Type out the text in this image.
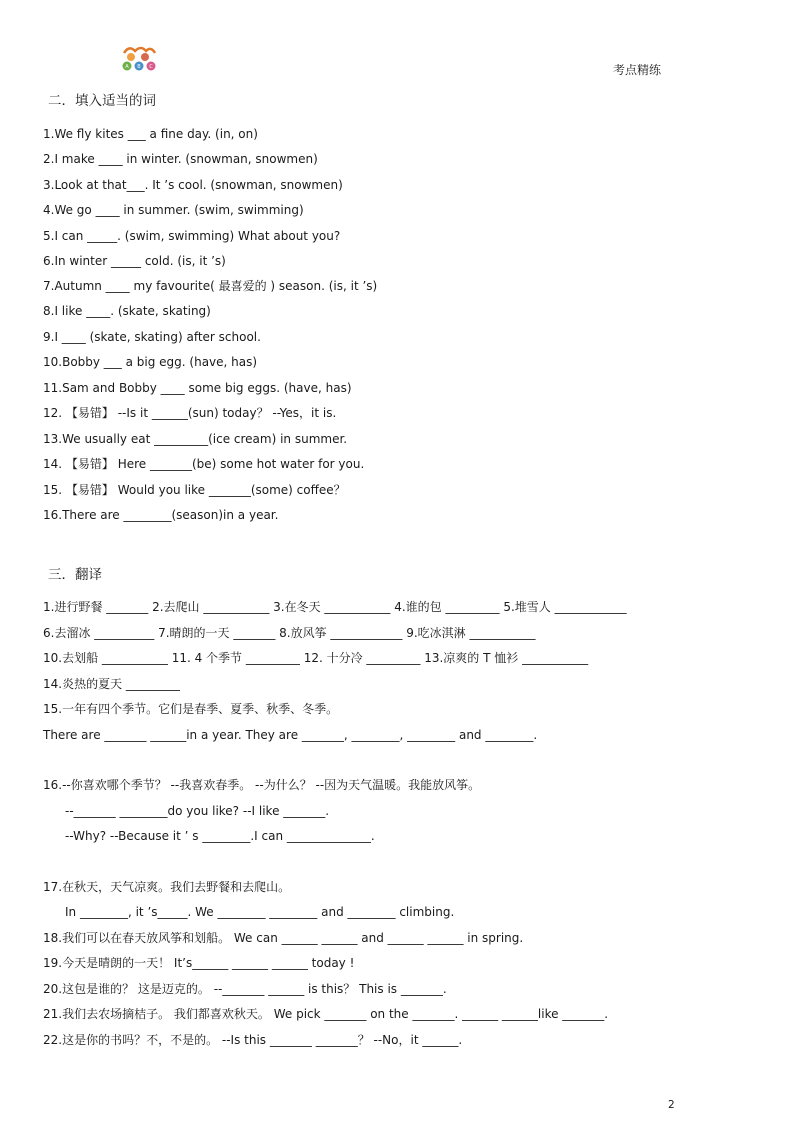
A B C	考点精练
二．填入适当的词
1.We fly kites ___ a fine day. (in, on)
2.I make ____ in winter. (snowman, snowmen)
3.Look at that___. It ’s cool. (snowman, snowmen)
4.We go ____ in summer. (swim, swimming)
5.I can _____. (swim, swimming) What about you?
6.In winter _____ cold. (is, it ’s)
7.Autumn ____ my favourite( 最喜爱的 ) season. (is, it ’s)
8.I like ____. (skate, skating)
9.I ____ (skate, skating) after school.
10.Bobby ___ a big egg. (have, has)
11.Sam and Bobby ____ some big eggs. (have, has)
12. 【易错】 --Is it ______(sun) today？ --Yes，it is.
13.We usually eat _________(ice cream) in summer.
14. 【易错】 Here _______(be) some hot water for you.
15. 【易错】 Would you like _______(some) coffee？
16.There are ________(season)in a year.
三．翻译
1.进行野餐 _______ 2.去爬山 ___________ 3.在冬天 ___________ 4.谁的包 _________ 5.堆雪人 ____________
6.去溜冰 __________ 7.晴朗的一天 _______ 8.放风筝 ____________ 9.吃冰淇淋 ___________
10.去划船 ___________ 11. 4 个季节 _________ 12. 十分冷 _________ 13.凉爽的 T 恤衫 ___________
14.炎热的夏天 _________
15.一年有四个季节。它们是春季、夏季、秋季、冬季。
There are _______ ______in a year. They are _______, ________, ________ and ________.
16.--你喜欢哪个季节？ --我喜欢春季。 --为什么？ --因为天气温暖。我能放风筝。
--_______ ________do you like? --I like _______.
--Why? --Because it ’ s ________.I can ______________.
17.在秋天，天气凉爽。我们去野餐和去爬山。
In ________, it ’s_____. We ________ ________ and ________ climbing.
18.我们可以在春天放风筝和划船。 We can ______ ______ and ______ ______ in spring.
19.今天是晴朗的一天！ It’s______ ______ ______ today !
20.这包是谁的？ 这是迈克的。 --_______ ______ is this？ This is _______.
21.我们去农场摘桔子。 我们都喜欢秋天。 We pick _______ on the _______. ______ ______like _______.
22.这是你的书吗？不，不是的。 --Is this _______ _______？ --No，it ______.
2
